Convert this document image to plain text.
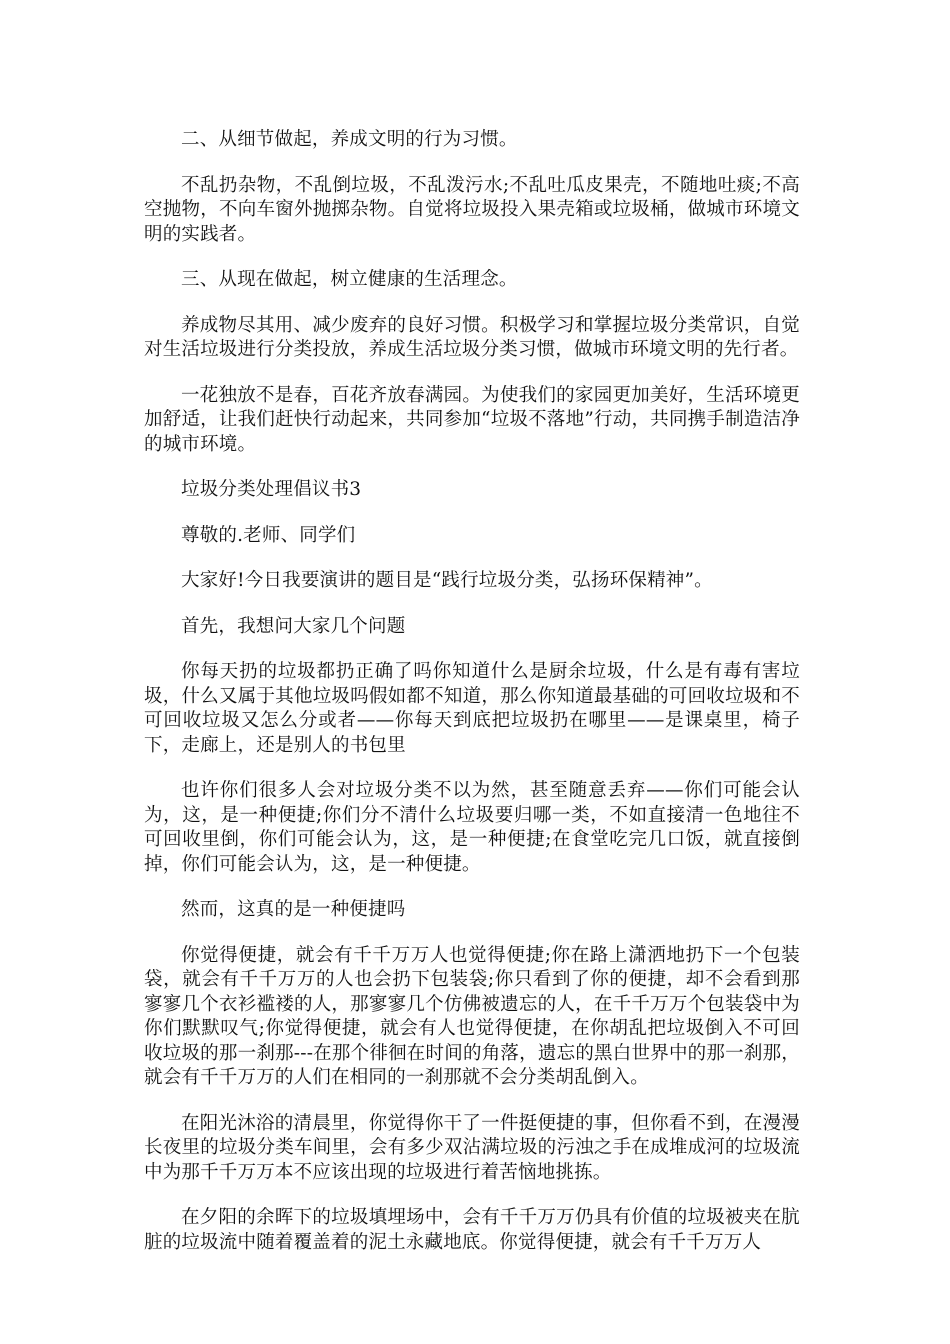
二、从细节做起，养成文明的行为习惯。

不乱扔杂物，不乱倒垃圾，不乱泼污水;不乱吐瓜皮果壳，不随地吐痰;不高空抛物，不向车窗外抛掷杂物。自觉将垃圾投入果壳箱或垃圾桶，做城市环境文明的实践者。

三、从现在做起，树立健康的生活理念。

养成物尽其用、减少废弃的良好习惯。积极学习和掌握垃圾分类常识，自觉对生活垃圾进行分类投放，养成生活垃圾分类习惯，做城市环境文明的先行者。

一花独放不是春，百花齐放春满园。为使我们的家园更加美好，生活环境更加舒适，让我们赶快行动起来，共同参加“垃圾不落地”行动，共同携手制造洁净的城市环境。

垃圾分类处理倡议书3

尊敬的.老师、同学们

大家好!今日我要演讲的题目是“践行垃圾分类，弘扬环保精神”。

首先，我想问大家几个问题

你每天扔的垃圾都扔正确了吗你知道什么是厨余垃圾，什么是有毒有害垃圾，什么又属于其他垃圾吗假如都不知道，那么你知道最基础的可回收垃圾和不可回收垃圾又怎么分或者——你每天到底把垃圾扔在哪里——是课桌里，椅子下，走廊上，还是别人的书包里

也许你们很多人会对垃圾分类不以为然，甚至随意丢弃——你们可能会认为，这，是一种便捷;你们分不清什么垃圾要归哪一类，不如直接清一色地往不可回收里倒，你们可能会认为，这，是一种便捷;在食堂吃完几口饭，就直接倒掉，你们可能会认为，这，是一种便捷。

然而，这真的是一种便捷吗

你觉得便捷，就会有千千万万人也觉得便捷;你在路上潇洒地扔下一个包装袋，就会有千千万万的人也会扔下包装袋;你只看到了你的便捷，却不会看到那寥寥几个衣衫褴褛的人，那寥寥几个仿佛被遗忘的人，在千千万万个包装袋中为你们默默叹气;你觉得便捷，就会有人也觉得便捷，在你胡乱把垃圾倒入不可回收垃圾的那一刹那---在那个徘徊在时间的角落，遗忘的黑白世界中的那一刹那，就会有千千万万的人们在相同的一刹那就不会分类胡乱倒入。

在阳光沐浴的清晨里，你觉得你干了一件挺便捷的事，但你看不到，在漫漫长夜里的垃圾分类车间里，会有多少双沾满垃圾的污浊之手在成堆成河的垃圾流中为那千千万万本不应该出现的垃圾进行着苦恼地挑拣。

在夕阳的余晖下的垃圾填埋场中，会有千千万万仍具有价值的垃圾被夹在肮脏的垃圾流中随着覆盖着的泥土永藏地底。你觉得便捷，就会有千千万万人
